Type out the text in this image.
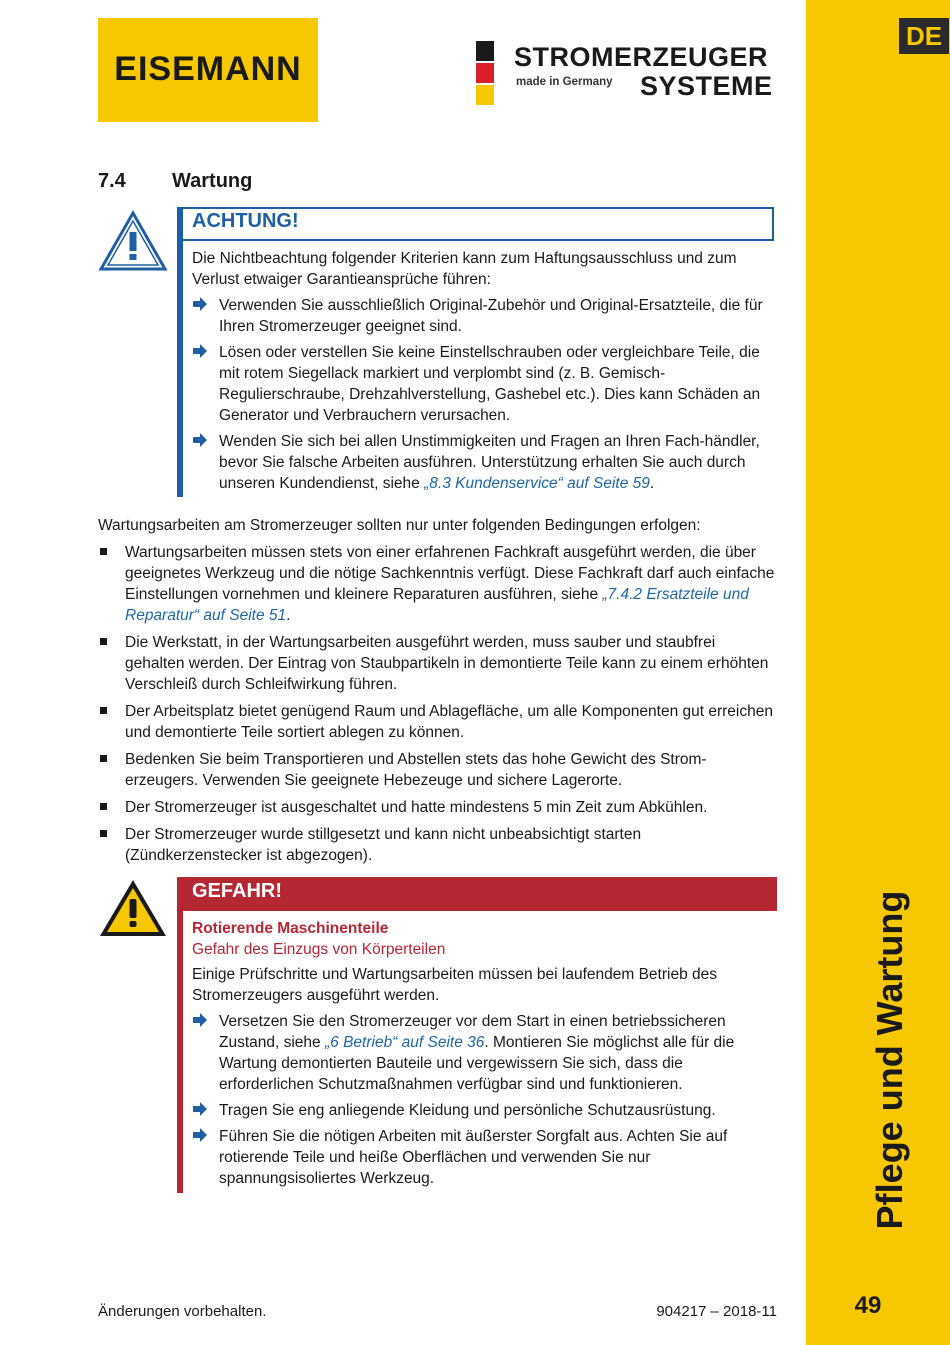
DE
Pflege und Wartung
49
EISEMANN	STROMERZEUGER
made in Germany SYSTEME
7.4 Wartung
ACHTUNG!

Die Nichtbeachtung folgender Kriterien kann zum Haftungsausschluss und zum Verlust etwaiger Garantieansprüche führen:

Verwenden Sie ausschließlich Original-Zubehör und Original-Ersatzteile, die für Ihren Stromerzeuger geeignet sind.
Lösen oder verstellen Sie keine Einstellschrauben oder vergleichbare Teile, die mit rotem Siegellack markiert und verplombt sind (z. B. Gemisch-Regulierschraube, Drehzahlverstellung, Gashebel etc.). Dies kann Schäden an Generator und Verbrauchern verursachen.
Wenden Sie sich bei allen Unstimmigkeiten und Fragen an Ihren Fach-händler, bevor Sie falsche Arbeiten ausführen. Unterstützung erhalten Sie auch durch unseren Kundendienst, siehe „8.3 Kundenservice“ auf Seite 59.

Wartungsarbeiten am Stromerzeuger sollten nur unter folgenden Bedingungen erfolgen:

Wartungsarbeiten müssen stets von einer erfahrenen Fachkraft ausgeführt werden, die über geeignetes Werkzeug und die nötige Sachkenntnis verfügt. Diese Fachkraft darf auch einfache Einstellungen vornehmen und kleinere Reparaturen ausführen, siehe „7.4.2 Ersatzteile und Reparatur“ auf Seite 51.
Die Werkstatt, in der Wartungsarbeiten ausgeführt werden, muss sauber und staubfrei gehalten werden. Der Eintrag von Staubpartikeln in demontierte Teile kann zu einem erhöhten Verschleiß durch Schleifwirkung führen.
Der Arbeitsplatz bietet genügend Raum und Ablagefläche, um alle Komponenten gut erreichen und demontierte Teile sortiert ablegen zu können.
Bedenken Sie beim Transportieren und Abstellen stets das hohe Gewicht des Strom-erzeugers. Verwenden Sie geeignete Hebezeuge und sichere Lagerorte.
Der Stromerzeuger ist ausgeschaltet und hatte mindestens 5 min Zeit zum Abkühlen.
Der Stromerzeuger wurde stillgesetzt und kann nicht unbeabsichtigt starten (Zündkerzenstecker ist abgezogen).
GEFAHR!

Rotierende Maschinenteile

Gefahr des Einzugs von Körperteilen

Einige Prüfschritte und Wartungsarbeiten müssen bei laufendem Betrieb des Stromerzeugers ausgeführt werden.

Versetzen Sie den Stromerzeuger vor dem Start in einen betriebssicheren Zustand, siehe „6 Betrieb“ auf Seite 36. Montieren Sie möglichst alle für die Wartung demontierten Bauteile und vergewissern Sie sich, dass die erforderlichen Schutzmaßnahmen verfügbar sind und funktionieren.
Tragen Sie eng anliegende Kleidung und persönliche Schutzausrüstung.
Führen Sie die nötigen Arbeiten mit äußerster Sorgfalt aus. Achten Sie auf rotierende Teile und heiße Oberflächen und verwenden Sie nur spannungsisoliertes Werkzeug.
Änderungen vorbehalten.	904217 – 2018-11
